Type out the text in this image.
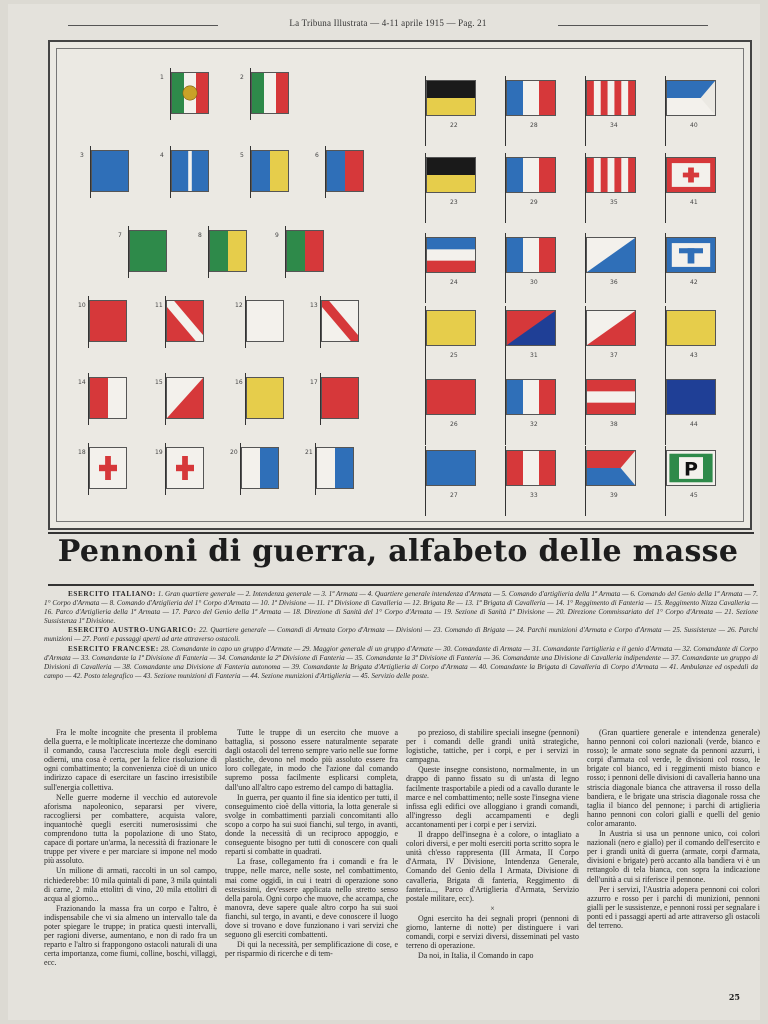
La Tribuna Illustrata — 4-11 aprile 1915 — Pag. 21
1	2
3	4	5	6
7	8	9
10	11	12	13
14	15	16	17
18	19	20	21
22
23
24
25
26
27
28
29
30
31
32
33
34
35
36
37
38
39
40
41
42
43
44
P
45
Pennoni di guerra, alfabeto delle masse

ESERCITO ITALIANO: 1. Gran quartiere generale — 2. Intendenza generale — 3. 1ª Armata — 4. Quartiere generale intendenza d'Armata — 5. Comando d'artiglieria della 1ª Armata — 6. Comando del Genio della 1ª Armata — 7. 1° Corpo d'Armata — 8. Comando d'Artiglieria del 1° Corpo d'Armata — 10. 1ª Divisione — 11. 1ª Divisione di Cavalleria — 12. Brigata Re — 13. 1ª Brigata di Cavalleria — 14. 1° Reggimento di Fanteria — 15. Reggimento Nizza Cavalleria — 16. Parco d'Artiglieria della 1ª Armata — 17. Parco del Genio della 1ª Armata — 18. Direzione di Sanità del 1° Corpo d'Armata — 19. Sezione di Sanità 1ª Divisione — 20. Direzione Commissariato del 1° Corpo d'Armata — 21. Sezione Sussistenza 1ª Divisione.

ESERCITO AUSTRO-UNGARICO: 22. Quartiere generale — Comandi di Armata Corpo d'Armata — Divisioni — 23. Comando di Brigata — 24. Parchi munizioni d'Armata e Corpo d'Armata — 25. Sussistenze — 26. Parchi munizioni — 27. Ponti e passaggi aperti ad arte attraverso ostacoli.

ESERCITO FRANCESE: 28. Comandante in capo un gruppo d'Armate — 29. Maggior generale di un gruppo d'Armate — 30. Comandante di Armata — 31. Comandante l'artiglieria e il genio d'Armata — 32. Comandante di Corpo d'Armata — 33. Comandante la 1ª Divisione di Fanteria — 34. Comandante la 2ª Divisione di Fanteria — 35. Comandante la 3ª Divisione di Fanteria — 36. Comandante una Divisione di Cavalleria indipendente — 37. Comandante un gruppo di Divisioni di Cavalleria — 38. Comandante una Divisione di Fanteria autonoma — 39. Comandante la Brigata d'Artiglieria di Corpo d'Armata — 40. Comandante la Brigata di Cavalleria di Corpo d'Armata — 41. Ambulanze ed ospedali da campo — 42. Posto telegrafico — 43. Sezione munizioni di Fanteria — 44. Sezione munizioni d'Artiglieria — 45. Servizio delle poste.

Fra le molte incognite che presenta il problema della guerra, e le moltiplicate incertezze che dominano il comando, causa l'accresciuta mole degli eserciti odierni, una cosa è certa, per la felice risoluzione di ogni combattimento; la convenienza cioè di un unico indirizzo capace di esercitare un fascino irresistibile sull'energia collettiva.

Nelle guerre moderne il vecchio ed autorevole aforisma napoleonico, separarsi per vivere, raccogliersi per combattere, acquista valore, inquantochè quegli eserciti numerosissimi che comprendono tutta la popolazione di uno Stato, capace di portare un'arma, la necessità di frazionare le truppe per vivere e per marciare si impone nel modo più assoluto.

Un milione di armati, raccolti in un sol campo, richiederebbe: 10 mila quintali di pane, 3 mila quintali di carne, 2 mila ettolitri di vino, 20 mila ettolitri di acqua al giorno...

Frazionando la massa fra un corpo e l'altro, è indispensabile che vi sia almeno un intervallo tale da poter spiegare le truppe; in pratica questi intervalli, per ragioni diverse, aumentano, e non di rado fra un reparto e l'altro si frappongono ostacoli naturali di una certa importanza, come fiumi, colline, boschi, villaggi, ecc.

Tutte le truppe di un esercito che muove a battaglia, si possono essere naturalmente separate dagli ostacoli del terreno sempre vario nelle sue forme plastiche, devono nel modo più assoluto essere fra loro collegate, in modo che l'azione dal comando supremo possa facilmente esplicarsi completa, dall'uno all'altro capo estremo del campo di battaglia.

In guerra, per quanto il fine sia identico per tutti, il conseguimento cioè della vittoria, la lotta generale si svolge in combattimenti parziali concomitanti allo scopo a corpo ha sui suoi fianchi, sul tergo, in avanti, donde la necessità di un reciproco appoggio, e conseguente bisogno per tutti di conoscere con quali reparti si combatte in quadrati.

La frase, collegamento fra i comandi e fra le truppe, nelle marce, nelle soste, nel combattimento, mai come oggidì, in cui i teatri di operazione sono estesissimi, dev'essere applicata nello stretto senso della parola. Ogni corpo che muove, che accampa, che manovra, deve sapere quale altro corpo ha sui suoi fianchi, sul tergo, in avanti, e deve conoscere il luogo dove si trovano e dove funzionano i vari servizi che seguono gli eserciti combattenti.

Di qui la necessità, per semplificazione di cose, e per risparmio di ricerche e di tem-

po prezioso, di stabilire speciali insegne (pennoni) per i comandi delle grandi unità strategiche, logistiche, tattiche, per i corpi, e per i servizi in campagna.

Queste insegne consistono, normalmente, in un drappo di panno fissato su di un'asta di legno facilmente trasportabile a piedi od a cavallo durante le marce e nel combattimento; nelle soste l'insegna viene infissa egli edifici ove alloggiano i grandi comandi, all'ingresso degli accampamenti e degli accantonamenti per i corpi e per i servizi.

Il drappo dell'insegna è a colore, o intagliato a colori diversi, e per molti eserciti porta scritto sopra le unità ch'esso rappresenta (III Armata, II Corpo d'Armata, IV Divisione, Intendenza Generale, Comando del Genio della I Armata, Divisione di cavalleria, Brigata di fanteria, Reggimento di fanteria..., Parco d'Artiglieria d'Armata, Servizio postale militare, ecc).

×

Ogni esercito ha dei segnali propri (pennoni di giorno, lanterne di notte) per distinguere i vari comandi, corpi e servizi diversi, disseminati pel vasto terreno di operazione.

Da noi, in Italia, il Comando in capo

(Gran quartiere generale e intendenza generale) hanno pennoni coi colori nazionali (verde, bianco e rosso); le armate sono segnate da pennoni azzurri, i corpi d'armata col verde, le divisioni col rosso, le brigate col bianco, ed i reggimenti misto bianco e rosso; i pennoni delle divisioni di cavalleria hanno una striscia diagonale bianca che attraversa il rosso della bandiera, e le brigate una striscia diagonale rossa che taglia il bianco del pennone; i parchi di artiglieria hanno pennoni con colori gialli e quelli del genio color amaranto.

In Austria si usa un pennone unico, coi colori nazionali (nero e giallo) per il comando dell'esercito e per i grandi unità di guerra (armate, corpi d'armata, divisioni e brigate) però accanto alla bandiera vi è un rettangolo di tela bianca, con sopra la indicazione dell'unità a cui si riferisce il pennone.

Per i servizi, l'Austria adopera pennoni coi colori azzurro e rosso per i parchi di munizioni, pennoni gialli per le sussistenze, e pennoni rossi per segnalare i ponti ed i passaggi aperti ad arte attraverso gli ostacoli del terreno.

25
